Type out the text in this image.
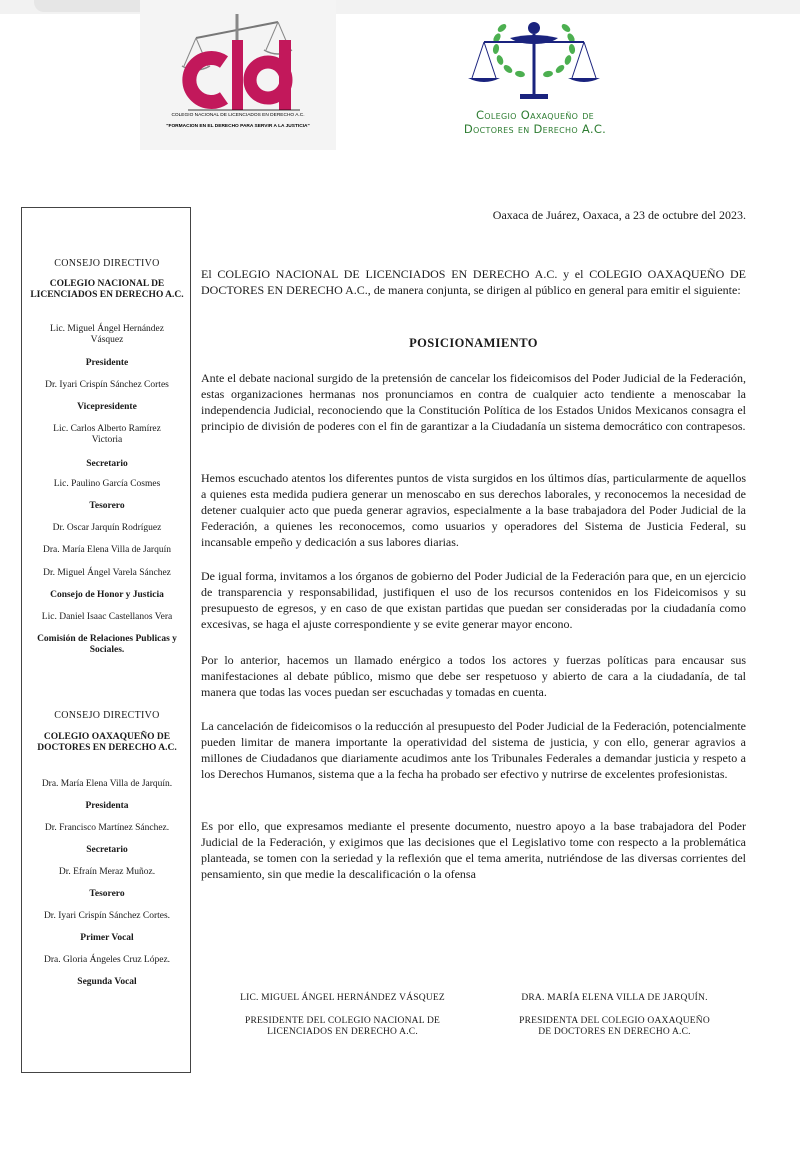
COLEGIO NACIONAL DE LICENCIADOS EN DERECHO A.C.
"FORMACION EN EL DERECHO PARA SERVIR A LA JUSTICIA"
Colegio Oaxaqueño de
Doctores en Derecho A.C.
Oaxaca de Juárez, Oaxaca, a 23 de octubre del 2023.
CONSEJO DIRECTIVO
COLEGIO NACIONAL DE LICENCIADOS EN DERECHO A.C.
Lic. Miguel Ángel Hernández Vásquez
Presidente
Dr. Iyari Crispín Sánchez Cortes
Vicepresidente
Lic. Carlos Alberto Ramírez Victoria
Secretario
Lic. Paulino García Cosmes
Tesorero
Dr. Oscar Jarquín Rodríguez
Dra. María Elena Villa de Jarquín
Dr. Miguel Ángel Varela Sánchez
Consejo de Honor y Justicia
Lic. Daniel Isaac Castellanos Vera
Comisión de Relaciones Publicas y Sociales.
CONSEJO DIRECTIVO
COLEGIO OAXAQUEÑO DE DOCTORES EN DERECHO A.C.
Dra. María Elena Villa de Jarquín.
Presidenta
Dr. Francisco Martínez Sánchez.
Secretario
Dr. Efraín Meraz Muñoz.
Tesorero
Dr. Iyari Crispín Sánchez Cortes.
Primer Vocal
Dra. Gloria Ángeles Cruz López.
Segunda Vocal
El COLEGIO NACIONAL DE LICENCIADOS EN DERECHO A.C. y el COLEGIO OAXAQUEÑO DE DOCTORES EN DERECHO A.C., de manera conjunta, se dirigen al público en general para emitir el siguiente:
POSICIONAMIENTO
Ante el debate nacional surgido de la pretensión de cancelar los fideicomisos del Poder Judicial de la Federación, estas organizaciones hermanas nos pronunciamos en contra de cualquier acto tendiente a menoscabar la independencia Judicial, reconociendo que la Constitución Política de los Estados Unidos Mexicanos consagra el principio de división de poderes con el fin de garantizar a la Ciudadanía un sistema democrático con contrapesos.
Hemos escuchado atentos los diferentes puntos de vista surgidos en los últimos días, particularmente de aquellos a quienes esta medida pudiera generar un menoscabo en sus derechos laborales, y reconocemos la necesidad de detener cualquier acto que pueda generar agravios, especialmente a la base trabajadora del Poder Judicial de la Federación, a quienes les reconocemos, como usuarios y operadores del Sistema de Justicia Federal, su incansable empeño y dedicación a sus labores diarias.
De igual forma, invitamos a los órganos de gobierno del Poder Judicial de la Federación para que, en un ejercicio de transparencia y responsabilidad, justifiquen el uso de los recursos contenidos en los Fideicomisos y su presupuesto de egresos, y en caso de que existan partidas que puedan ser consideradas por la ciudadanía como excesivas, se haga el ajuste correspondiente y se evite generar mayor encono.
Por lo anterior, hacemos un llamado enérgico a todos los actores y fuerzas políticas para encausar sus manifestaciones al debate público, mismo que debe ser respetuoso y abierto de cara a la ciudadanía, de tal manera que todas las voces puedan ser escuchadas y tomadas en cuenta.
La cancelación de fideicomisos o la reducción al presupuesto del Poder Judicial de la Federación, potencialmente pueden limitar de manera importante la operatividad del sistema de justicia, y con ello, generar agravios a millones de Ciudadanos que diariamente acudimos ante los Tribunales Federales a demandar justicia y respeto a los Derechos Humanos, sistema que a la fecha ha probado ser efectivo y nutrirse de excelentes profesionistas.
Es por ello, que expresamos mediante el presente documento, nuestro apoyo a la base trabajadora del Poder Judicial de la Federación, y exigimos que las decisiones que el Legislativo tome con respecto a la problemática planteada, se tomen con la seriedad y la reflexión que el tema amerita, nutriéndose de las diversas corrientes del pensamiento, sin que medie la descalificación o la ofensa
LIC. MIGUEL ÁNGEL HERNÁNDEZ VÁSQUEZ
PRESIDENTE DEL COLEGIO NACIONAL DE
LICENCIADOS EN DERECHO A.C.
DRA. MARÍA ELENA VILLA DE JARQUÍN.
PRESIDENTA DEL COLEGIO OAXAQUEÑO
DE DOCTORES EN DERECHO A.C.
